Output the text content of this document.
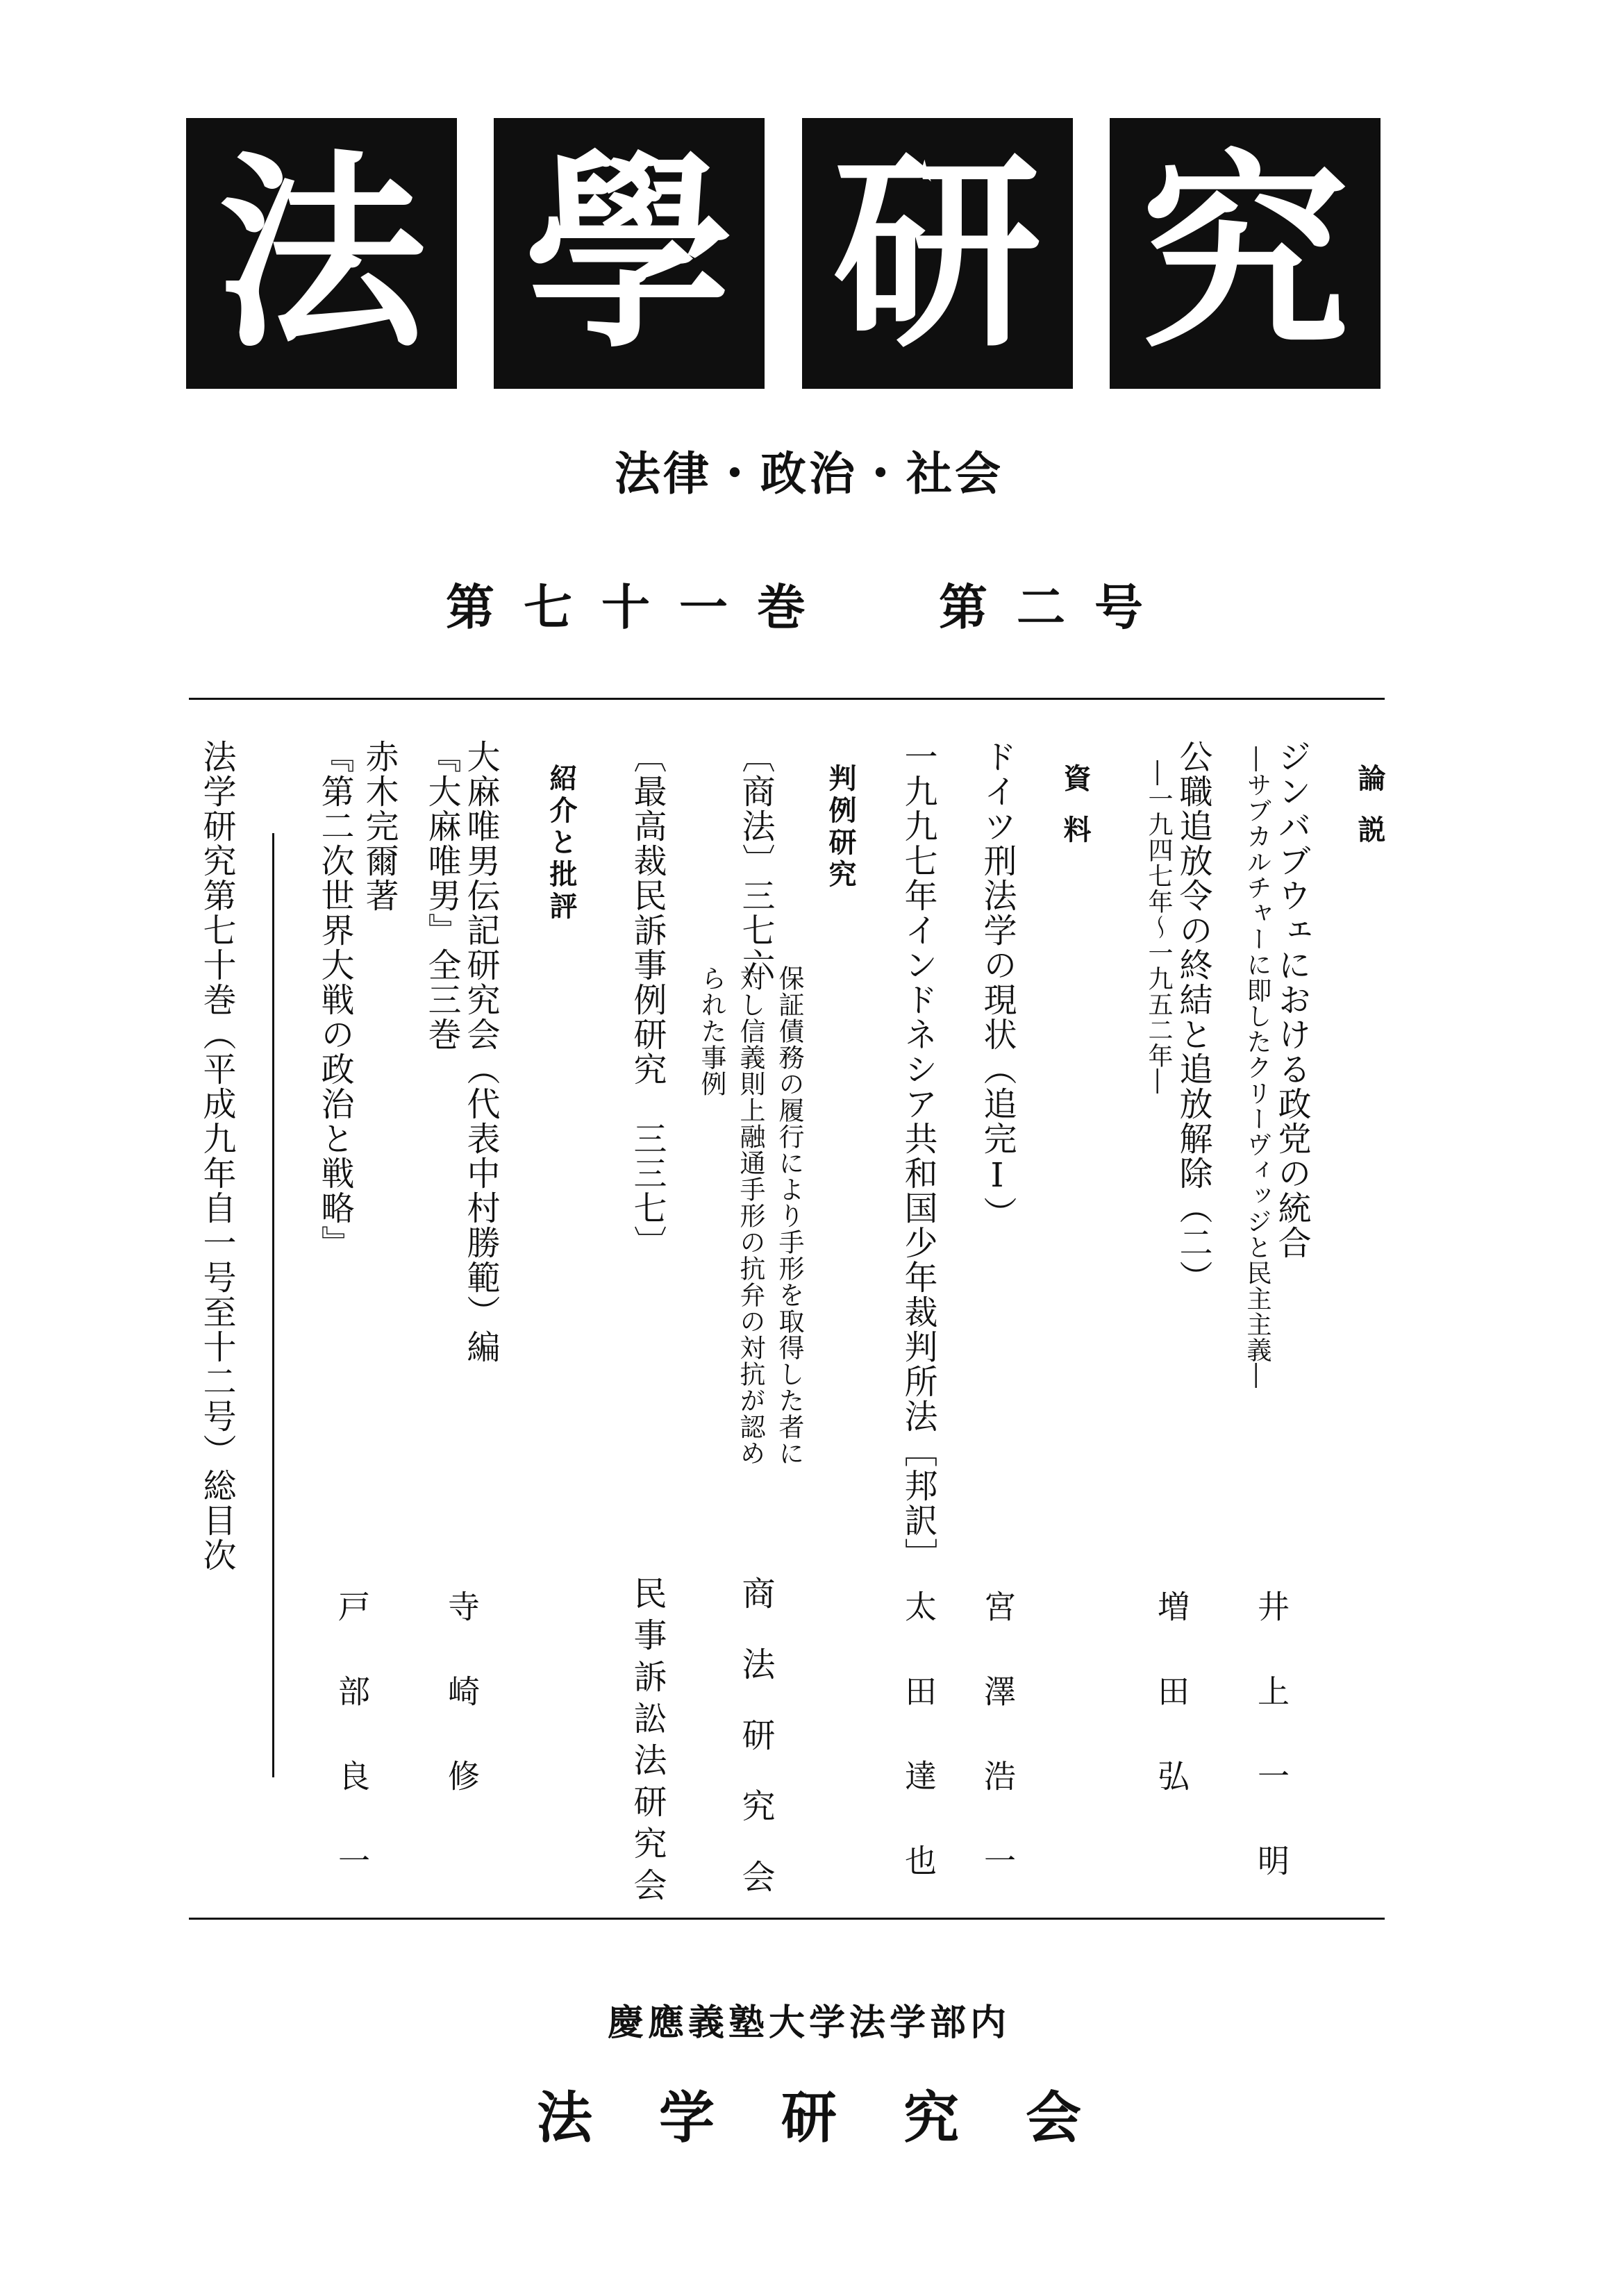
法 學 研 究
法律・政治・社会
第七十一巻 第二号
論説
ジンバブウェにおける政党の統合
―サブカルチャーに即したクリーヴィッジと民主主義―
井上一明
公職追放令の終結と追放解除（二）
―一九四七年～一九五二年―
増田弘
資料
ドイツ刑法学の現状（追完Ⅰ）
宮澤浩一
一九九七年インドネシア共和国少年裁判所法［邦訳］
太田達也
判例研究
〔商法〕三七六
保証債務の履行により手形を取得した者に
対し信義則上融通手形の抗弁の対抗が認め
られた事例
商法研究会
〔最高裁民訴事例研究　三三七〕
民事訴訟法研究会
紹介と批評
大麻唯男伝記研究会（代表中村勝範）編
『大麻唯男』全三巻
寺崎修
赤木完爾著
『第二次世界大戦の政治と戦略』
戸部良一
法学研究第七十巻（平成九年自一号至十二号）総目次
慶應義塾大学法学部内
法学研究会
